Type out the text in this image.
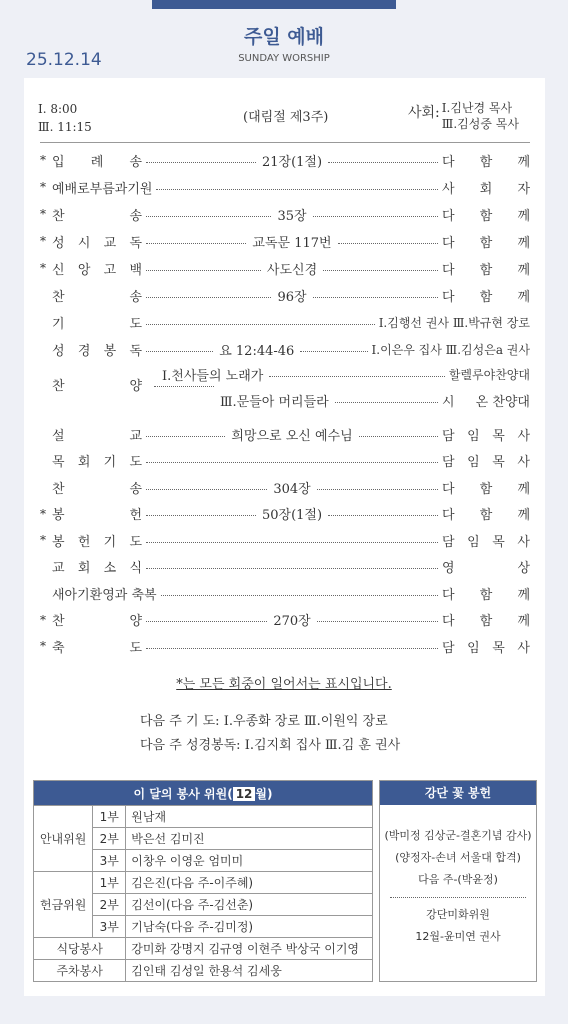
주일 예배
SUNDAY WORSHIP
25.12.14
Ⅰ. 8:00
Ⅲ. 11:15
(대림절 제3주)	사회: Ⅰ.김난경 목사
Ⅲ.김성중 목사
* 입 례 송	21장(1절)	다 함 께
* 예배로부름과기원	사 회 자
* 찬	송	35장	다 함 께
* 성 시 교 독	교독문 117번	다 함 께
* 신 앙 고 백	사도신경	다 함 께
찬	송	96장	다 함 께
기	도	Ⅰ.김행선 권사 Ⅲ.박규현 장로
성 경 봉 독	요 12:44-46	Ⅰ.이은우 집사 Ⅲ.김성은a 권사
찬	양
Ⅰ.천사들의 노래가	할렐루야찬양대
Ⅲ.문들아 머리들라	시 온 찬양대
설	교	희망으로 오신 예수님	담 임 목 사
목 회 기 도	담 임 목 사
찬	송	304장	다 함 께
* 봉	헌	50장(1절)	다 함 께
* 봉 헌 기 도	담 임 목 사
교 회 소 식	영	상
새아기환영과 축복	다 함 께
* 찬	양	270장	다 함 께
* 축	도	담 임 목 사
*는 모든 회중이 일어서는 표시입니다.
다음 주 기 도: Ⅰ.우종화 장로 Ⅲ.이원익 장로
다음 주 성경봉독: Ⅰ.김지회 집사 Ⅲ.김 훈 권사
이 달의 봉사 위원( 12 월)		
안내위원	1부	원남재
	2부	박은선 김미진
	3부	이창우 이영운 엄미미
헌금위원	1부	김은진(다음 주-이주혜)
	2부	김선이(다음 주-김선춘)
	3부	기남숙(다음 주-김미정)
식당봉사		강미화 강명지 김규영 이현주 박상국 이기영
주차봉사		김인태 김성일 한용석 김세웅
강단 꽃 봉헌
(박미정 김상군-결혼기념 감사)
(양정자-손녀 서울대 합격)
다음 주-(박윤정)
강단미화위원
12월-윤미연 권사
